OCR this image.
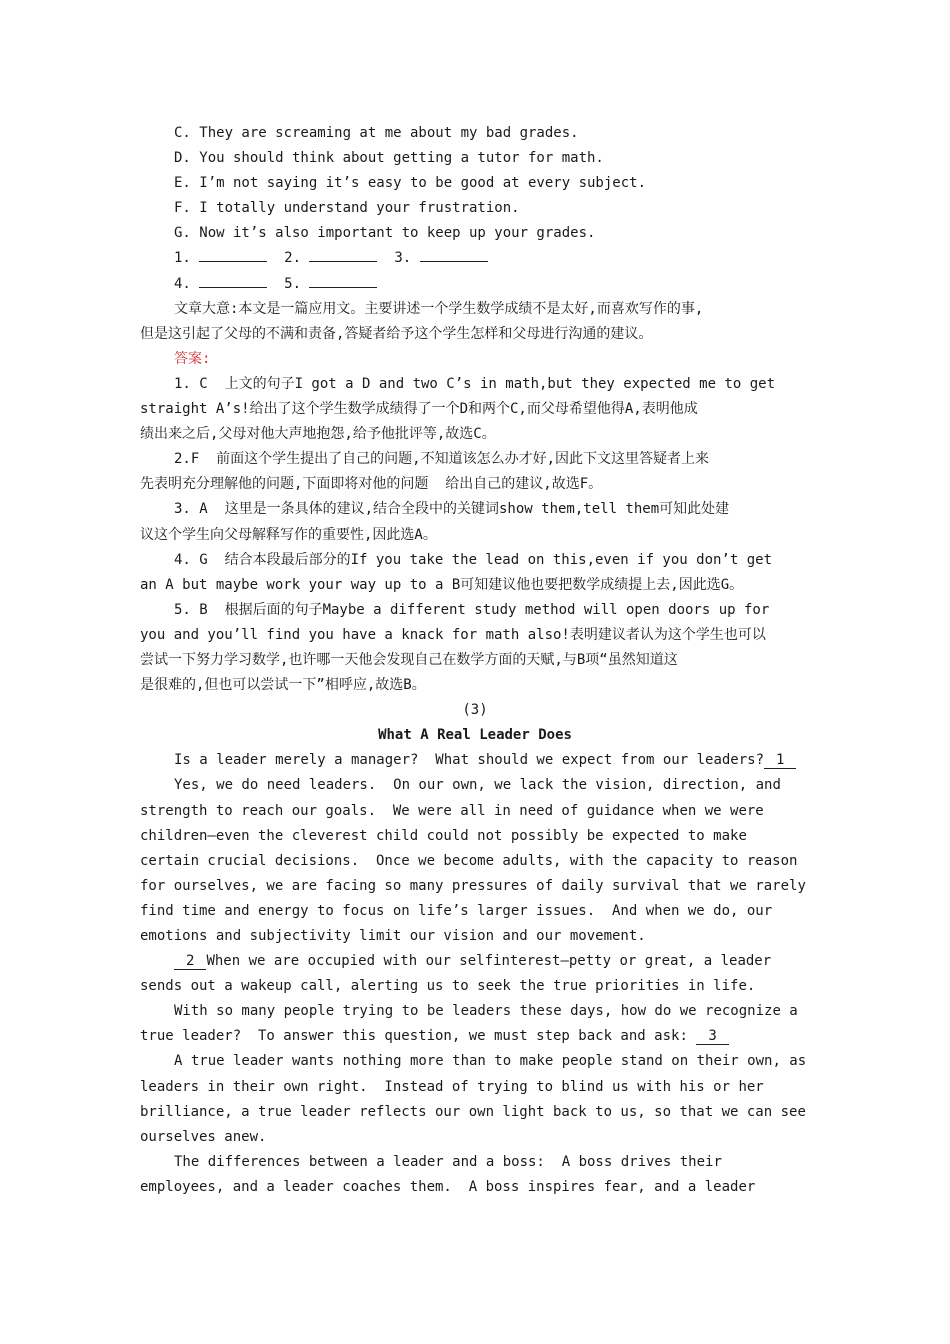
C. They are screaming at me about my bad grades.
D. You should think about getting a tutor for math.
E. I’m not saying it’s easy to be good at every subject.
F. I totally understand your frustration.
G. Now it’s also important to keep up your grades.
1.	2.	3.
4.	5.
文章大意:本文是一篇应用文。主要讲述一个学生数学成绩不是太好,而喜欢写作的事,
但是这引起了父母的不满和责备,答疑者给予这个学生怎样和父母进行沟通的建议。
答案:
1. C  上文的句子I got a D and two C’s in math,but they expected me to get
straight A’s!给出了这个学生数学成绩得了一个D和两个C,而父母希望他得A,表明他成
绩出来之后,父母对他大声地抱怨,给予他批评等,故选C。
2.F  前面这个学生提出了自己的问题,不知道该怎么办才好,因此下文这里答疑者上来
先表明充分理解他的问题,下面即将对他的问题  给出自己的建议,故选F。
3. A  这里是一条具体的建议,结合全段中的关键词show them,tell them可知此处建
议这个学生向父母解释写作的重要性,因此选A。
4. G  结合本段最后部分的If you take the lead on this,even if you don’t get
an A but maybe work your way up to a B可知建议他也要把数学成绩提上去,因此选G。
5. B  根据后面的句子Maybe a different study method will open doors up for
you and you’ll find you have a knack for math also!表明建议者认为这个学生也可以
尝试一下努力学习数学,也许哪一天他会发现自己在数学方面的天赋,与B项“虽然知道这
是很难的,但也可以尝试一下”相呼应,故选B。
(3)
What A Real Leader Does
Is a leader merely a manager?  What should we expect from our leaders? 1
Yes, we do need leaders.  On our own, we lack the vision, direction, and
strength to reach our goals.  We were all in need of guidance when we were
children—even the cleverest child could not possibly be expected to make
certain crucial decisions.  Once we become adults, with the capacity to reason
for ourselves, we are facing so many pressures of daily survival that we rarely
find time and energy to focus on life’s larger issues.  And when we do, our
emotions and subjectivity limit our vision and our movement.
2 When we are occupied with our selfinterest—petty or great, a leader
sends out a wakeup call, alerting us to seek the true priorities in life.
With so many people trying to be leaders these days, how do we recognize a
true leader?  To answer this question, we must step back and ask: 3
A true leader wants nothing more than to make people stand on their own, as
leaders in their own right.  Instead of trying to blind us with his or her
brilliance, a true leader reflects our own light back to us, so that we can see
ourselves anew.
The differences between a leader and a boss:  A boss drives their
employees, and a leader coaches them.  A boss inspires fear, and a leader
